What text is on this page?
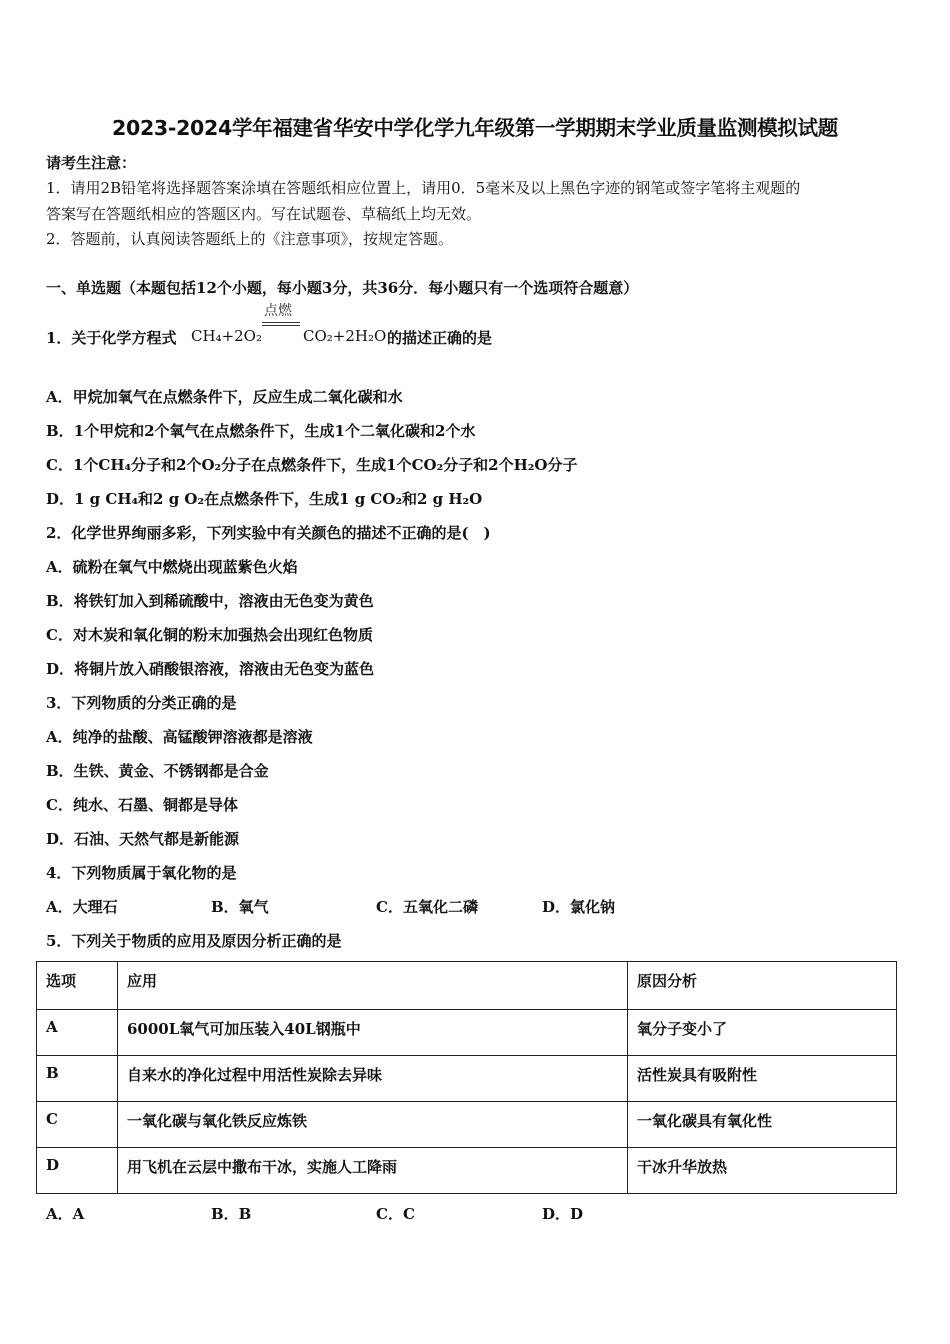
2023-2024学年福建省华安中学化学九年级第一学期期末学业质量监测模拟试题
请考生注意：
1．请用2B铅笔将选择题答案涂填在答题纸相应位置上，请用0．5毫米及以上黑色字迹的钢笔或签字笔将主观题的
答案写在答题纸相应的答题区内。写在试题卷、草稿纸上均无效。
2．答题前，认真阅读答题纸上的《注意事项》，按规定答题。
一、单选题（本题包括12个小题，每小题3分，共36分．每小题只有一个选项符合题意）
1．关于化学方程式 CH₄+2O₂
点燃
CO₂+2H₂O 的描述正确的是
A．甲烷加氧气在点燃条件下，反应生成二氧化碳和水
B．1个甲烷和2个氧气在点燃条件下，生成1个二氧化碳和2个水
C．1个CH₄分子和2个O₂分子在点燃条件下，生成1个CO₂分子和2个H₂O分子
D．1 g CH₄和2 g O₂在点燃条件下，生成1 g CO₂和2 g H₂O
2．化学世界绚丽多彩，下列实验中有关颜色的描述不正确的是(　)
A．硫粉在氧气中燃烧出现蓝紫色火焰
B．将铁钉加入到稀硫酸中，溶液由无色变为黄色
C．对木炭和氧化铜的粉末加强热会出现红色物质
D．将铜片放入硝酸银溶液，溶液由无色变为蓝色
3．下列物质的分类正确的是
A．纯净的盐酸、高锰酸钾溶液都是溶液
B．生铁、黄金、不锈钢都是合金
C．纯水、石墨、铜都是导体
D．石油、天然气都是新能源
4．下列物质属于氧化物的是
A．大理石	B．氧气	C．五氧化二磷	D．氯化钠
5．下列关于物质的应用及原因分析正确的是
选项	应用	原因分析
A	6000L氧气可加压装入40L钢瓶中	氧分子变小了
B	自来水的净化过程中用活性炭除去异味	活性炭具有吸附性
C	一氧化碳与氧化铁反应炼铁	一氧化碳具有氧化性
D	用飞机在云层中撒布干冰，实施人工降雨	干冰升华放热
A．A	B．B	C．C	D．D
